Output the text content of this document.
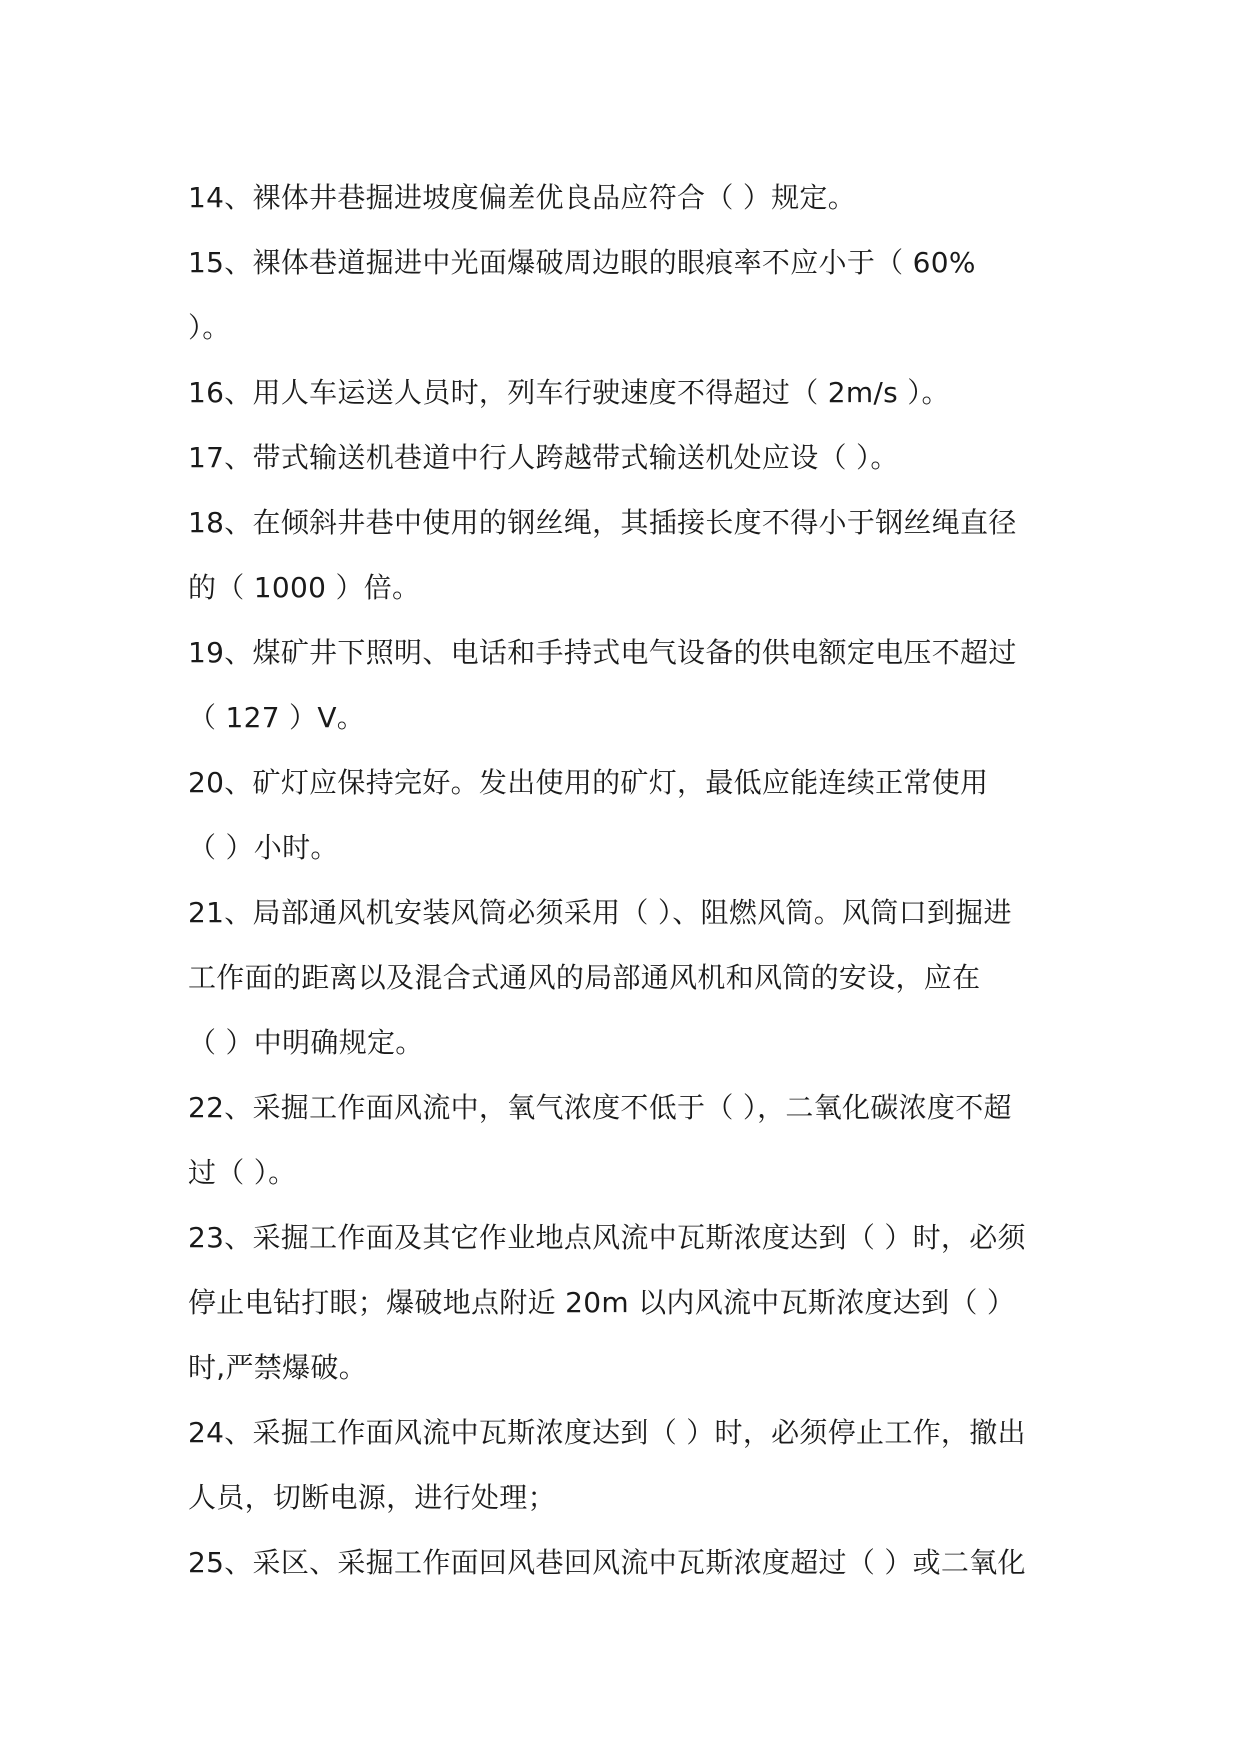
14、裸体井巷掘进坡度偏差优良品应符合（ ）规定。
15、裸体巷道掘进中光面爆破周边眼的眼痕率不应小于（ 60%
）。
16、用人车运送人员时，列车行驶速度不得超过（ 2m/s ）。
17、带式输送机巷道中行人跨越带式输送机处应设（ ）。
18、在倾斜井巷中使用的钢丝绳，其插接长度不得小于钢丝绳直径
的（ 1000 ）倍。
19、煤矿井下照明、电话和手持式电气设备的供电额定电压不超过
（ 127 ）V。
20、矿灯应保持完好。发出使用的矿灯，最低应能连续正常使用
（ ）小时。
21、局部通风机安装风筒必须采用（ ）、阻燃风筒。风筒口到掘进
工作面的距离以及混合式通风的局部通风机和风筒的安设，应在
（ ）中明确规定。
22、采掘工作面风流中，氧气浓度不低于（ ），二氧化碳浓度不超
过（ ）。
23、采掘工作面及其它作业地点风流中瓦斯浓度达到（ ）时，必须
停止电钻打眼；爆破地点附近 20m 以内风流中瓦斯浓度达到（ ）
时,严禁爆破。
24、采掘工作面风流中瓦斯浓度达到（ ）时，必须停止工作，撤出
人员，切断电源，进行处理；
25、采区、采掘工作面回风巷回风流中瓦斯浓度超过（ ）或二氧化
